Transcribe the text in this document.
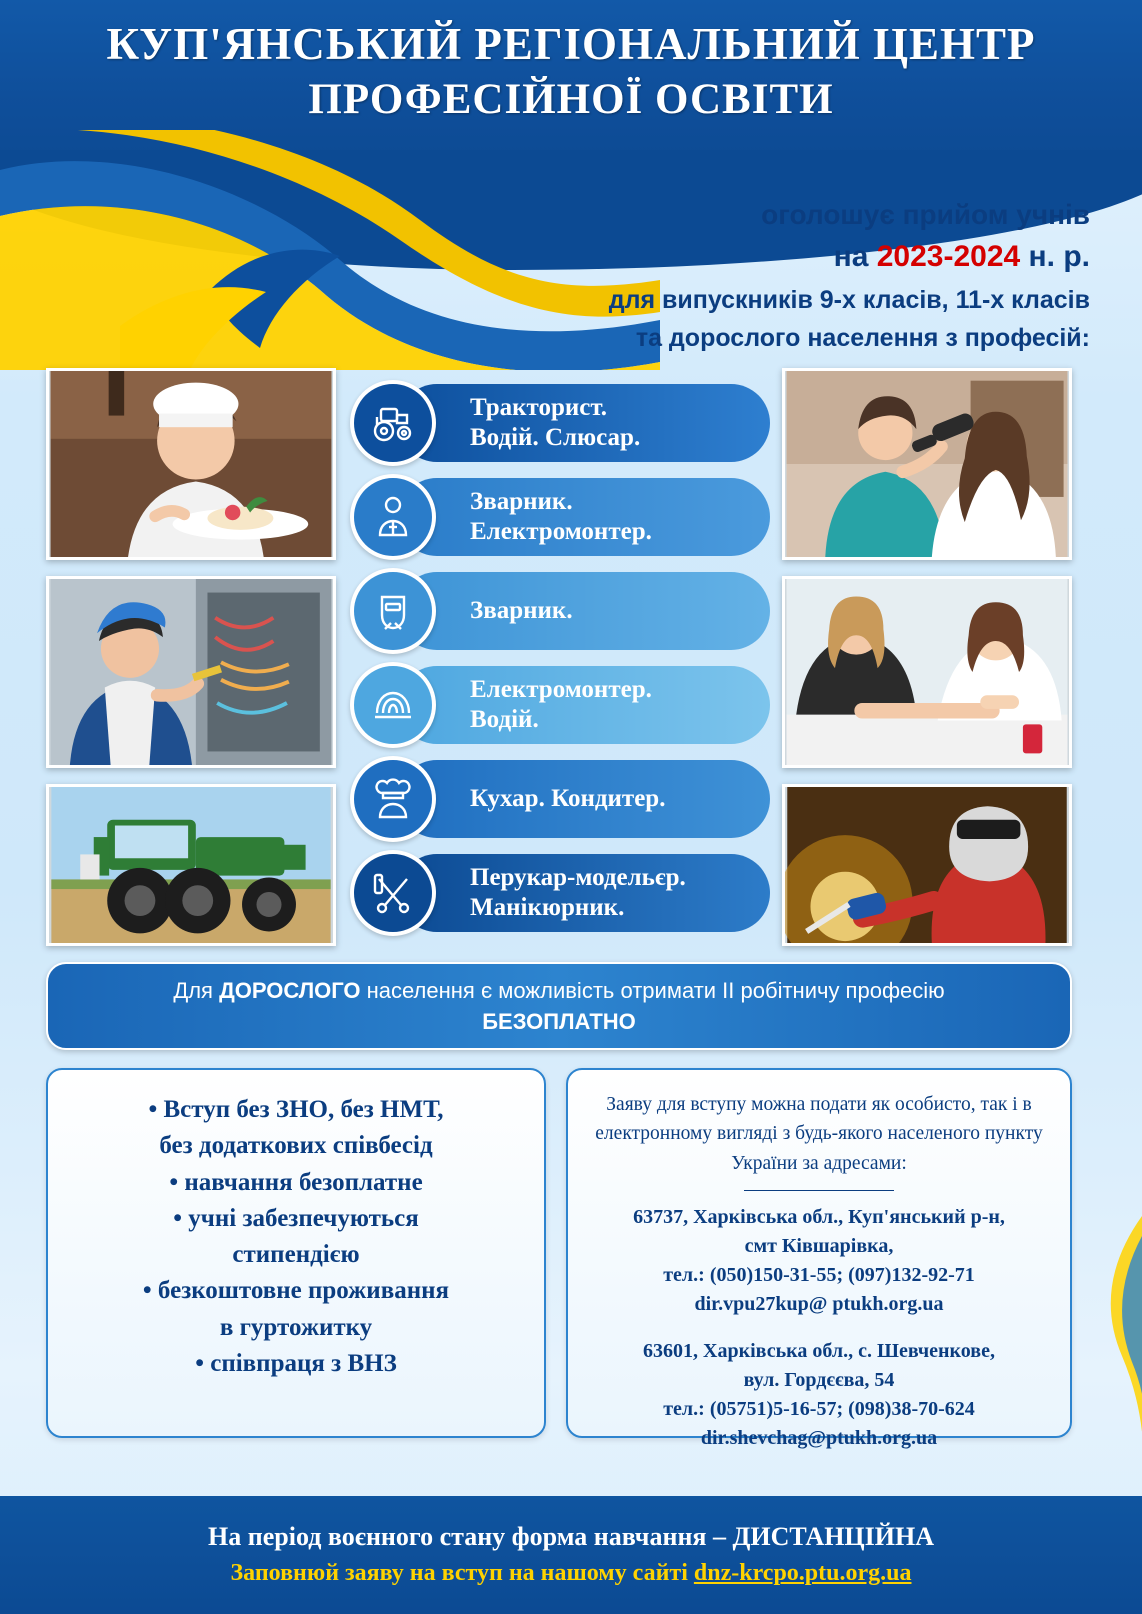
КУП'ЯНСЬКИЙ РЕГІОНАЛЬНИЙ ЦЕНТР
ПРОФЕСІЙНОЇ ОСВІТИ
оголошує прийом учнів
на 2023-2024 н. р.
для випускників 9-х класів, 11-х класів
та дорослого населення з професій:
Тракторист.
Водій. Слюсар.
Зварник.
Електромонтер.
Зварник.
Електромонтер.
Водій.
Кухар. Кондитер.
Перукар-модельєр.
Манікюрник.
Для ДОРОСЛОГО населення є можливість отримати ІІ робітничу професію
БЕЗОПЛАТНО
• Вступ без ЗНО, без НМТ,
без додаткових співбесід
• навчання безоплатне
• учні забезпечуються
стипендією
• безкоштовне проживання
в гуртожитку
• співпраця з ВНЗ
Заяву для вступу можна подати як особисто, так і в електронному вигляді з будь-якого населеного пункту України за адресами:
63737, Харківська обл., Куп'янський р-н,
смт Ківшарівка,
тел.: (050)150-31-55; (097)132-92-71
dir.vpu27kup@ ptukh.org.ua
63601, Харківська обл., с. Шевченкове,
вул. Гордєєва, 54
тел.: (05751)5-16-57; (098)38-70-624
dir.shevchag@ptukh.org.ua
На період воєнного стану форма навчання – ДИСТАНЦІЙНА
Заповнюй заяву на вступ на нашому сайті dnz-krcpo.ptu.org.ua
